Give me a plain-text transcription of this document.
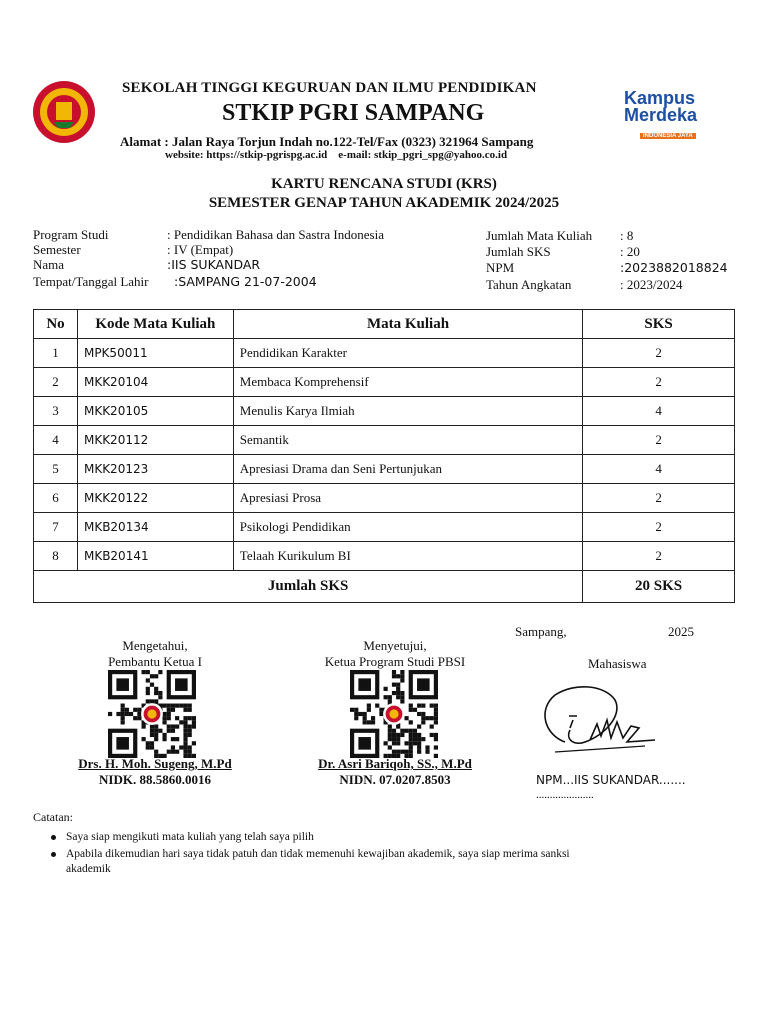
SEKOLAH TINGGI KEGURUAN DAN ILMU PENDIDIKAN
STKIP PGRI SAMPANG
Alamat : Jalan Raya Torjun Indah no.122-Tel/Fax (0323) 321964 Sampang
website: https://stkip-pgrispg.ac.id e-mail: stkip_pgri_spg@yahoo.co.id
Kampus
Merdeka
INDONESIA JAYA
KARTU RENCANA STUDI (KRS)
SEMESTER GENAP TAHUN AKADEMIK 2024/2025
Program Studi	: Pendidikan Bahasa dan Sastra Indonesia
Semester	: IV (Empat)
Nama	:IIS SUKANDAR
Tempat/Tanggal Lahir :SAMPANG 21-07-2004
Jumlah Mata Kuliah : 8
Jumlah SKS	: 20
NPM	:2023882018824
Tahun Angkatan	: 2023/2024
No	Kode Mata Kuliah	Mata Kuliah	SKS
1	MPK50011	Pendidikan Karakter	2
2	MKK20104	Membaca Komprehensif	2
3	MKK20105	Menulis Karya Ilmiah	4
4	MKK20112	Semantik	2
5	MKK20123	Apresiasi Drama dan Seni Pertunjukan	4
6	MKK20122	Apresiasi Prosa	2
7	MKB20134	Psikologi Pendidikan	2
8	MKB20141	Telaah Kurikulum BI	2
Jumlah SKS			20 SKS
Sampang,	2025
Mengetahui,
Pembantu Ketua I
Drs. H. Moh. Sugeng, M.Pd
NIDK. 88.5860.0016
Menyetujui,
Ketua Program Studi PBSI
Dr. Asri Bariqoh, SS., M.Pd
NIDN. 07.0207.8503
Mahasiswa
NPM...IIS SUKANDAR.......
.....................
Catatan:
Saya siap mengikuti mata kuliah yang telah saya pilih
Apabila dikemudian hari saya tidak patuh dan tidak memenuhi kewajiban akademik, saya siap merima sanksi
akademik
